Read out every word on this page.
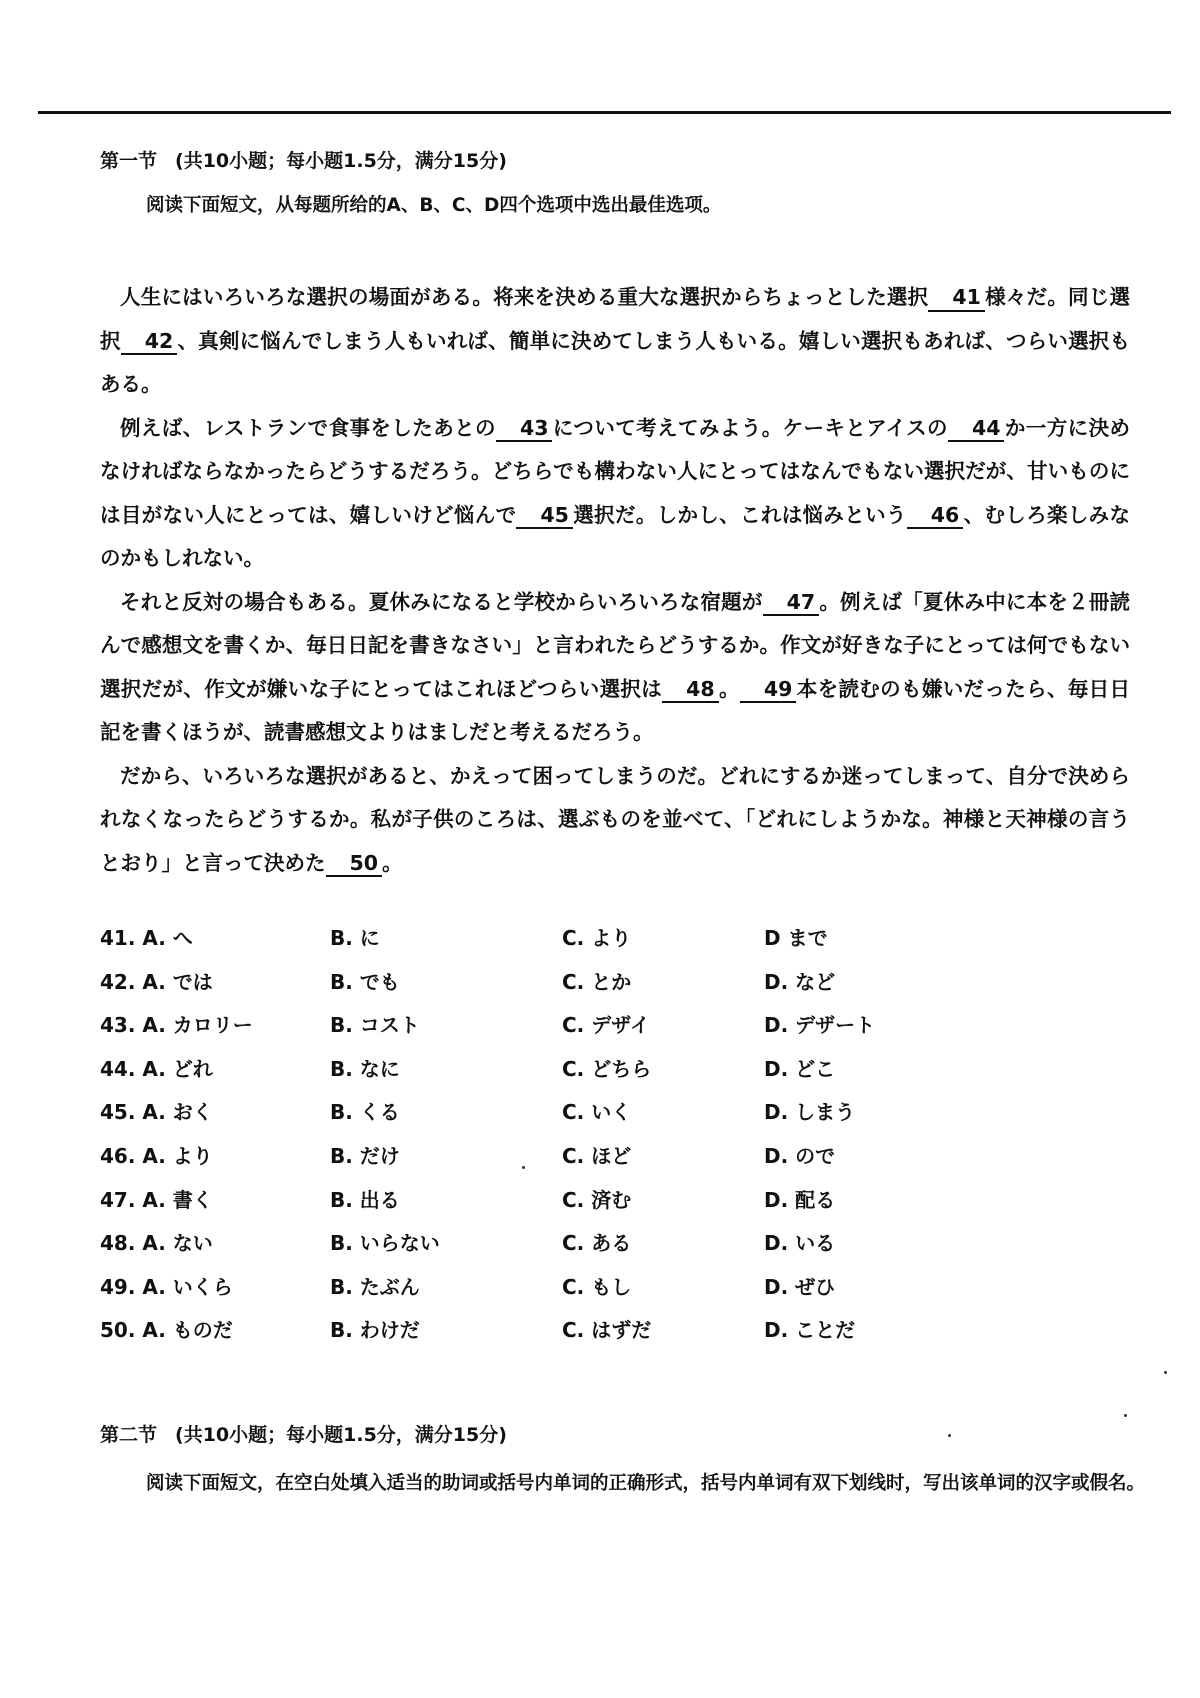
第一节 (共10小题；每小题1.5分，满分15分)
阅读下面短文，从每题所给的A、B、C、D四个选项中选出最佳选项。

人生にはいろいろな選択の場面がある。将来を決める重大な選択からちょっとした選択 41 様々だ。同じ選択 42 、真剣に悩んでしまう人もいれば、簡単に決めてしまう人もいる。嬉しい選択もあれば、つらい選択もある。

例えば、レストランで食事をしたあとの 43 について考えてみよう。ケーキとアイスの 44 か一方に決めなければならなかったらどうするだろう。どちらでも構わない人にとってはなんでもない選択だが、甘いものには目がない人にとっては、嬉しいけど悩んで 45 選択だ。しかし、これは悩みという 46 、むしろ楽しみなのかもしれない。

それと反対の場合もある。夏休みになると学校からいろいろな宿題が 47 。例えば「夏休み中に本を２冊読んで感想文を書くか、毎日日記を書きなさい」と言われたらどうするか。作文が好きな子にとっては何でもない選択だが、作文が嫌いな子にとってはこれほどつらい選択は 48 。 49 本を読むのも嫌いだったら、毎日日記を書くほうが、読書感想文よりはましだと考えるだろう。

だから、いろいろな選択があると、かえって困ってしまうのだ。どれにするか迷ってしまって、自分で決められなくなったらどうするか。私が子供のころは、選ぶものを並べて、「どれにしようかな。神様と天神様の言うとおり」と言って決めた 50 。

41. A. へ	B. に	C. より	D まで
42. A. では	B. でも	C. とか	D. など
43. A. カロリー	B. コスト	C. デザイ	D. デザート
44. A. どれ	B. なに	C. どちら	D. どこ
45. A. おく	B. くる	C. いく	D. しまう
46. A. より	B. だけ	C. ほど	D. ので
47. A. 書く	B. 出る	C. 済む	D. 配る
48. A. ない	B. いらない	C. ある	D. いる
49. A. いくら	B. たぶん	C. もし	D. ぜひ
50. A. ものだ	B. わけだ	C. はずだ	D. ことだ
第二节 (共10小题；每小题1.5分，满分15分)
阅读下面短文，在空白处填入适当的助词或括号内单词的正确形式，括号内单词有双下划线时，写出该单词的汉字或假名。
